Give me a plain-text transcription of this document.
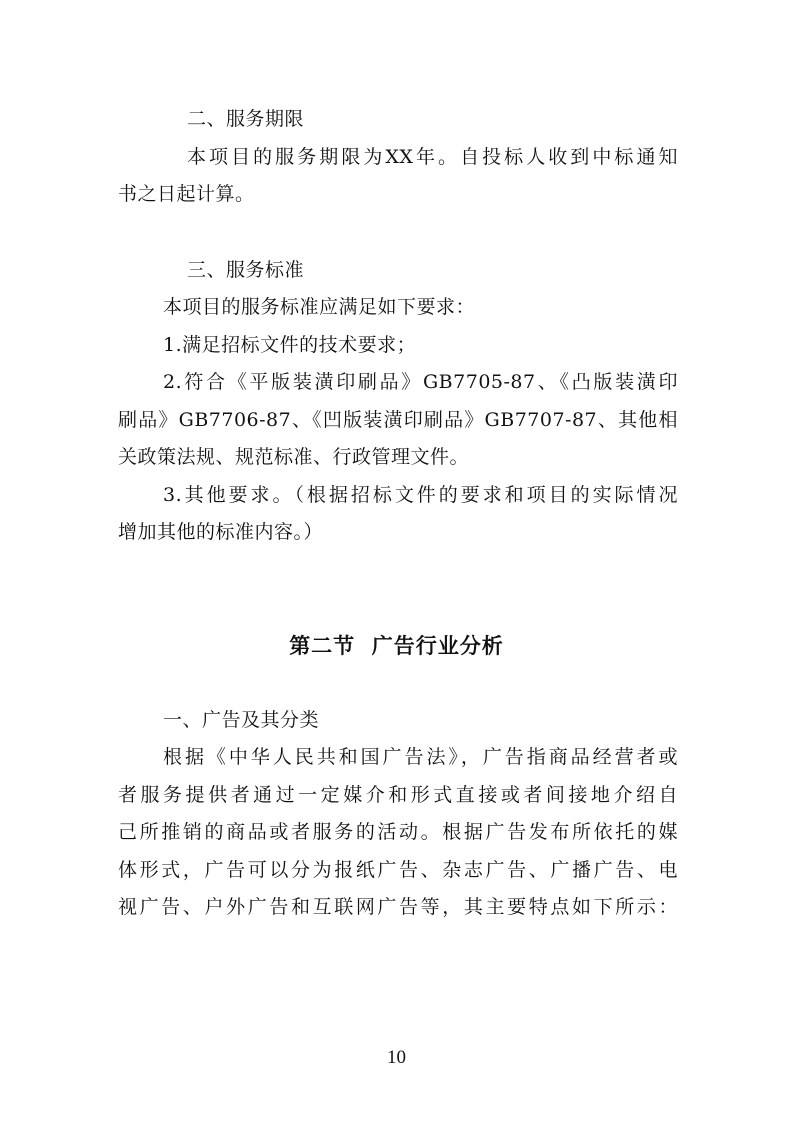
二、服务期限
本项目的服务期限为XX年。自投标人收到中标通知
书之日起计算。
三、服务标准
本项目的服务标准应满足如下要求：
1.满足招标文件的技术要求；
2.符合《平版装潢印刷品》GB7705-87、《凸版装潢印
刷品》GB7706-87、《凹版装潢印刷品》GB7707-87、其他相
关政策法规、规范标准、行政管理文件。
3.其他要求。（根据招标文件的要求和项目的实际情况
增加其他的标准内容。）
第二节  广告行业分析
一、广告及其分类
根据《中华人民共和国广告法》，广告指商品经营者或
者服务提供者通过一定媒介和形式直接或者间接地介绍自
己所推销的商品或者服务的活动。根据广告发布所依托的媒
体形式，广告可以分为报纸广告、杂志广告、广播广告、电
视广告、户外广告和互联网广告等，其主要特点如下所示：
10
